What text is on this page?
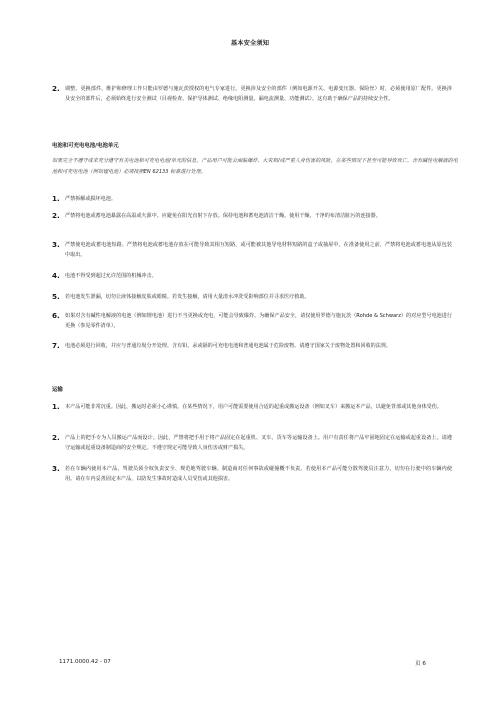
基本安全须知
2. 调整、更换部件、维护和修理工作只能由罗德与施瓦茨授权的电气专家进行。更换涉及安全的部件（例如电源开关、电源变压器、保险丝）时，必须使用原厂配件。更换涉及安全的部件后，必须始终进行安全测试（目视检查、保护导体测试、绝缘电阻测量、漏电流测量、功能测试）。这有助于确保产品的持续安全性。
电池和可充电电池/电池单元
如果完全不遵守或未充分遵守有关电池和可充电电池/单元的信息，产品用户可能会面临爆炸、火灾和/或严重人身伤害的风险，在某些情况下甚至可能导致死亡。含有碱性电解液的电池和可充电电池（例如锂电池）必须按照EN 62133 标准进行处理。
1. 严禁拆解或损坏电池。
2. 严禁将电池或蓄电池暴露在高温或火源中。应避免在阳光直射下存放。保持电池和蓄电池清洁干燥。使用干燥、干净的布清洁脏污的连接器。
3. 严禁使电池或蓄电池短路。严禁将电池或蓄电池存放在可能导致其相互短路，或可能被其他导电材料短路的盒子或抽屉中。在准备使用之前，严禁将电池或蓄电池从原包装中取出。
4. 电池不得受到超过允许范围的机械冲击。
5. 若电池发生泄漏，切勿让液体接触皮肤或眼睛。若发生接触，请用大量清水冲洗受影响部位并寻求医疗救助。
6. 如果对含有碱性电解液的电池（例如锂电池）进行不当更换或充电，可能会导致爆炸。为确保产品安全，请仅使用罗德与施瓦茨（Rohde & Schwarz）的对应型号电池进行更换（参见零件清单）。
7. 电池必须进行回收，并应与普通垃圾分开处理。含有铅、汞或镉的可充电电池和普通电池属于危险废物。请遵守国家关于废物处置和回收的法规。
运输
1. 本产品可能非常沉重。因此，搬运时必须小心谨慎。在某些情况下，用户可能需要使用合适的起重或搬运设备（例如叉车）来搬运本产品，以避免背部或其他身体受伤。
2. 产品上的把手专为人员搬运产品而设计。因此，严禁将把手用于将产品固定在起重机、叉车、货车等运输设备上。用户有责任将产品牢固地固定在运输或起重设备上。请遵守运输或起重设备制造商的安全规定。不遵守规定可能导致人身伤害或财产损失。
3. 若在车辆内使用本产品，驾驶员须全权负责安全、规范地驾驶车辆。制造商对任何事故或碰撞概不负责。若使用本产品可能分散驾驶员注意力，切勿在行驶中的车辆内使用。请在车内妥善固定本产品，以防发生事故时造成人员受伤或其他损害。
1171.0000.42 - 07	页 6
